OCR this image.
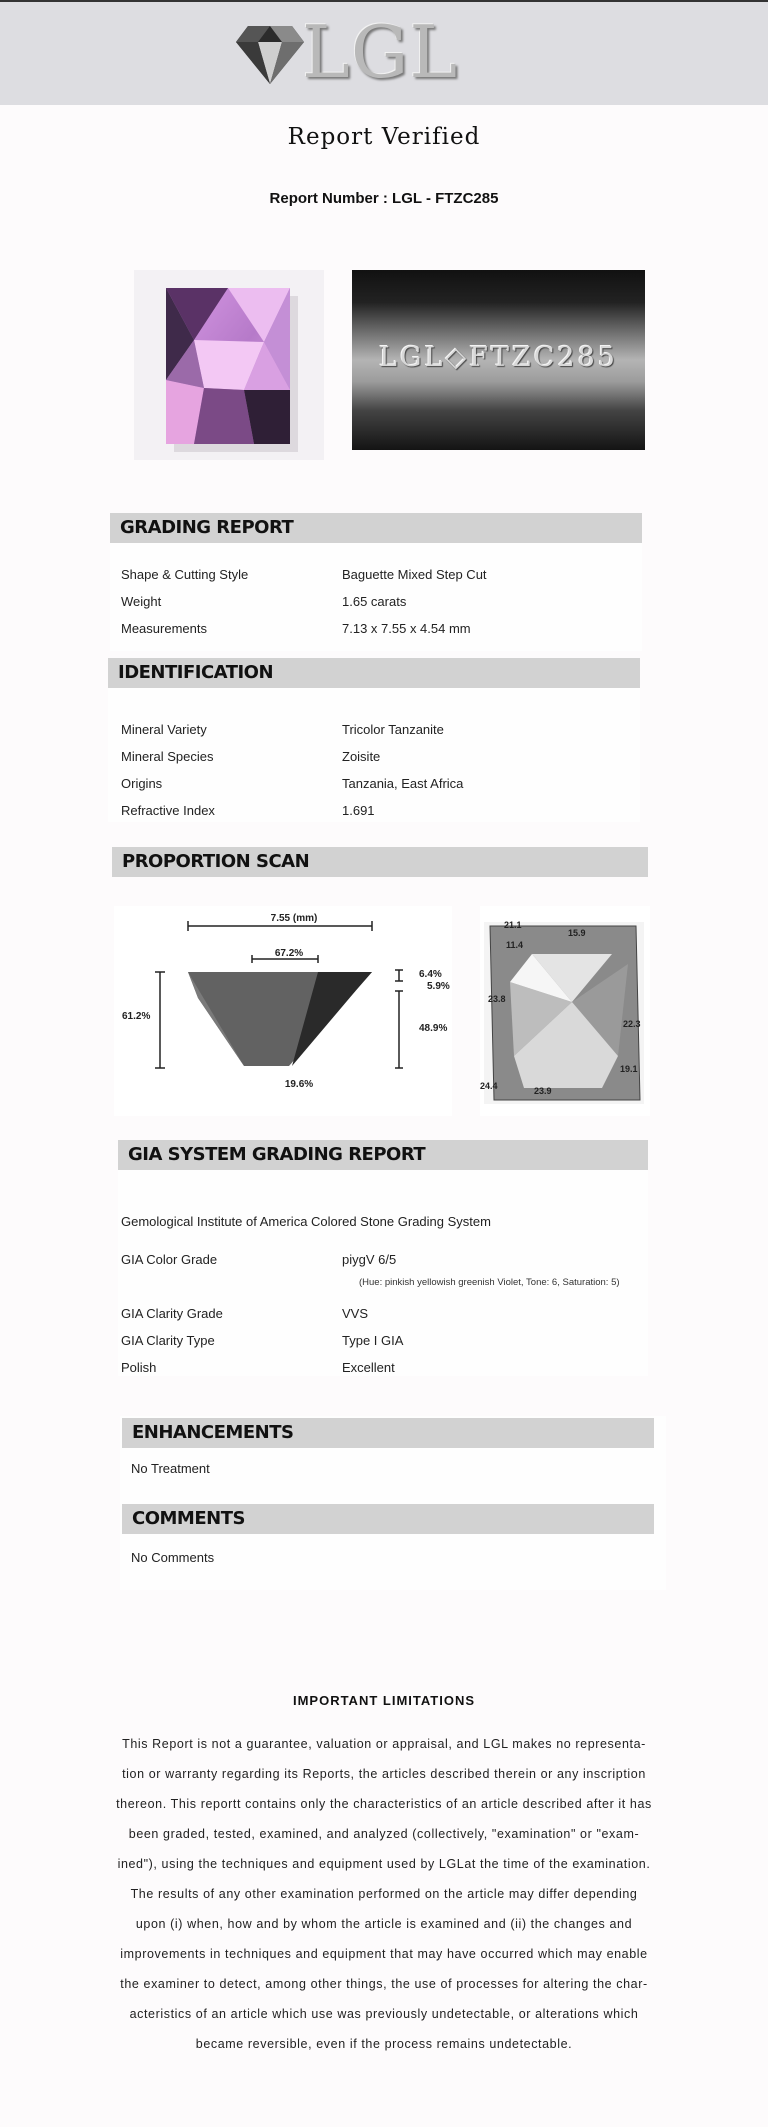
LGL
Report Verified
Report Number : LGL - FTZC285
LGL◇FTZC285
GRADING REPORT
Shape & Cutting Style	Baguette Mixed Step Cut
Weight	1.65 carats
Measurements	7.13 x 7.55 x 4.54 mm
IDENTIFICATION
Mineral Variety	Tricolor Tanzanite
Mineral Species	Zoisite
Origins	Tanzania, East Africa
Refractive Index	1.691
PROPORTION SCAN
7.55 (mm)
67.2%
61.2%
6.4%
5.9%
48.9%
19.6%
21.1
15.9
11.4
23.8
22.3
19.1
24.4	23.9
GIA SYSTEM GRADING REPORT
Gemological Institute of America Colored Stone Grading System
GIA Color Grade	piygV 6/5
(Hue: pinkish yellowish greenish Violet, Tone: 6, Saturation: 5)
GIA Clarity Grade	VVS
GIA Clarity Type	Type I GIA
Polish	Excellent
ENHANCEMENTS
No Treatment
COMMENTS
No Comments
IMPORTANT LIMITATIONS
This Report is not a guarantee, valuation or appraisal, and LGL makes no representa-
tion or warranty regarding its Reports, the articles described therein or any inscription
thereon. This reportt contains only the characteristics of an article described after it has
been graded, tested, examined, and analyzed (collectively, "examination" or "exam-
ined"), using the techniques and equipment used by LGLat the time of the examination.
The results of any other examination performed on the article may differ depending
upon (i) when, how and by whom the article is examined and (ii) the changes and
improvements in techniques and equipment that may have occurred which may enable
the examiner to detect, among other things, the use of processes for altering the char-
acteristics of an article which use was previously undetectable, or alterations which
became reversible, even if the process remains undetectable.
